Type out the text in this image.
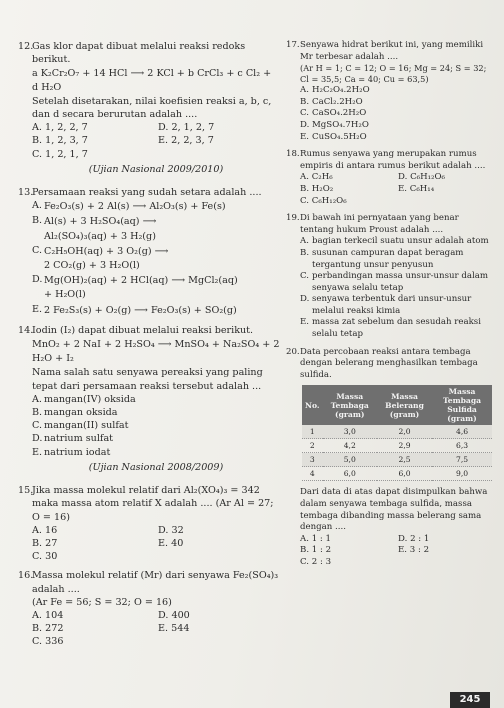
12.
Gas klor dapat dibuat melalui reaksi redoks berikut.
a K₂Cr₂O₇ + 14 HCl ⟶ 2 KCl + b CrCl₃ + c Cl₂ + d H₂O
Setelah disetarakan, nilai koefisien reaksi a, b, c, dan d secara berurutan adalah ....
A. 1, 2, 2, 7	D. 2, 1, 2, 7
B. 1, 2, 3, 7	E. 2, 2, 3, 7
C. 1, 2, 1, 7
(Ujian Nasional 2009/2010)
13.
Persamaan reaksi yang sudah setara adalah ....
A. Fe₂O₃(s) + 2 Al(s) ⟶ Al₂O₃(s) + Fe(s)
B. Al(s) + 3 H₂SO₄(aq) ⟶
Al₂(SO₄)₃(aq) + 3 H₂(g)
C. C₂H₅OH(aq) + 3 O₂(g) ⟶
2 CO₂(g) + 3 H₂O(l)
D. Mg(OH)₂(aq) + 2 HCl(aq) ⟶ MgCl₂(aq)
+ H₂O(l)
E. 2 Fe₂S₃(s) + O₂(g) ⟶ Fe₂O₃(s) + SO₂(g)
14.
Iodin (I₂) dapat dibuat melalui reaksi berikut.
MnO₂ + 2 NaI + 2 H₂SO₄ ⟶ MnSO₄ + Na₂SO₄ + 2
H₂O + I₂
Nama salah satu senyawa pereaksi yang paling tepat dari persamaan reaksi tersebut adalah ...
A. mangan(IV) oksida
B. mangan oksida
C. mangan(II) sulfat
D. natrium sulfat
E. natrium iodat
(Ujian Nasional 2008/2009)
15.
Jika massa molekul relatif dari Al₂(XO₄)₃ = 342 maka massa atom relatif X adalah .... (Ar Al = 27; O = 16)
A. 16	D. 32
B. 27	E. 40
C. 30
16.
Massa molekul relatif (Mr) dari senyawa Fe₂(SO₄)₃ adalah ....
(Ar Fe = 56; S = 32; O = 16)
A. 104	D. 400
B. 272	E. 544
C. 336
17. Senyawa hidrat berikut ini, yang memiliki Mr terbesar adalah ....
(Ar H = 1; C = 12; O = 16; Mg = 24; S = 32; Cl = 35,5; Ca = 40; Cu = 63,5)
A. H₂C₂O₄.2H₂O
B. CaCl₂.2H₂O
C. CaSO₄.2H₂O
D. MgSO₄.7H₂O
E. CuSO₄.5H₂O
18. Rumus senyawa yang merupakan rumus empiris di antara rumus berikut adalah ....
A. C₂H₆	D. C₆H₁₂O₆
B. H₂O₂	E. C₆H₁₄
C. C₆H₁₂O₆
19. Di bawah ini pernyataan yang benar tentang hukum Proust adalah ....
A. bagian terkecil suatu unsur adalah atom
B. susunan campuran dapat beragam tergantung unsur penyusun
C. perbandingan massa unsur-unsur dalam senyawa selalu tetap
D. senyawa terbentuk dari unsur-unsur melalui reaksi kimia
E. massa zat sebelum dan sesudah reaksi selalu tetap
20. Data percobaan reaksi antara tembaga dengan belerang menghasilkan tembaga sulfida.
No.	Massa Tembaga (gram)	Massa Belerang (gram)	Massa Tembaga Sulfida (gram)
1	3,0	2,0	4,6
2	4,2	2,9	6,3
3	5,0	2,5	7,5
4	6,0	6,0	9,0
Dari data di atas dapat disimpulkan bahwa dalam senyawa tembaga sulfida, massa tembaga dibanding massa belerang sama dengan ....
A. 1 : 1	D. 2 : 1
B. 1 : 2	E. 3 : 2
C. 2 : 3
245
